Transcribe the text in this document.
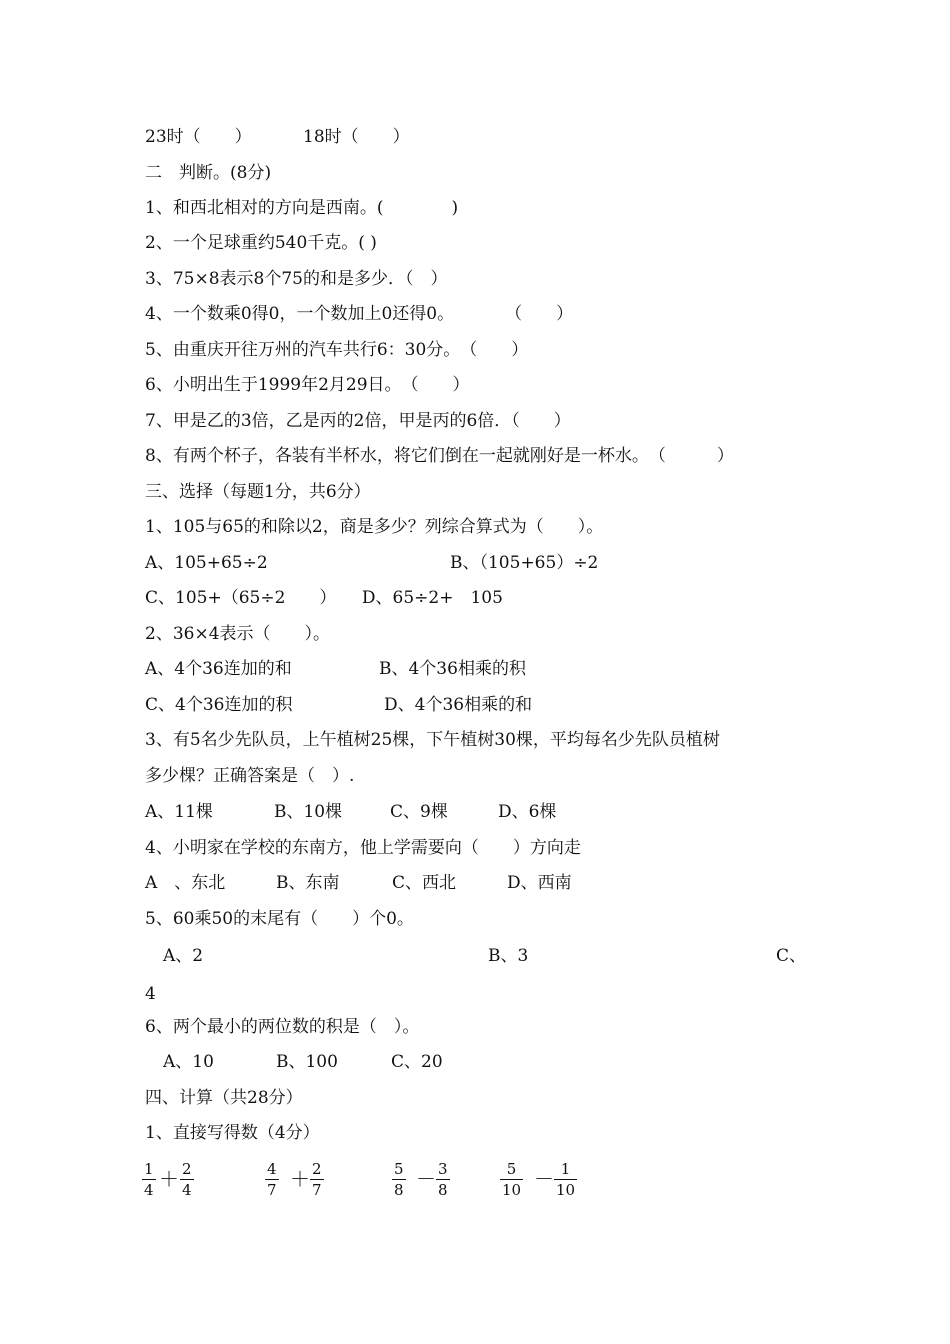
23时（　　）	18时（　　）
二　判断。(8分)
1、和西北相对的方向是西南。(　　　　)
2、一个足球重约540千克。( )
3、75×8表示8个75的和是多少．（　）
4、一个数乘0得0，一个数加上0还得0。　　　　（　　）
5、由重庆开往万州的汽车共行6：30分。　（　　）
6、小明出生于1999年2月29日。　（　　）
7、甲是乙的3倍，乙是丙的2倍，甲是丙的6倍．（　　）
8、有两个杯子，各装有半杯水，将它们倒在一起就刚好是一杯水。　（　　　）
三、选择（每题1分，共6分）
1、105与65的和除以2，商是多少？列综合算式为（　　）。
A、105+65÷2	B、（105+65）÷2
C、105+（65÷2　　）　　D、65÷2+　105
2、36×4表示（　　）。
A、4个36连加的和	B、4个36相乘的积
C、4个36连加的积	D、4个36相乘的和
3、有5名少先队员，上午植树25棵，下午植树30棵，平均每名少先队员植树
多少棵？正确答案是（　）.
A、11棵	B、10棵	C、9棵	D、6棵
4、小明家在学校的东南方，他上学需要向（　　）方向走
A　、东北	B、东南	C、西北	D、西南
5、60乘50的末尾有（　　）个0。
A、2	B、3	C、
4
6、两个最小的两位数的积是（　）。
A、10	B、100	C、20
四、计算（共28分）
1、直接写得数（4分）
1
4 ＋ 2
4
4
7 ＋ 2
7
5
8 － 3
8
5
10 － 1
10
